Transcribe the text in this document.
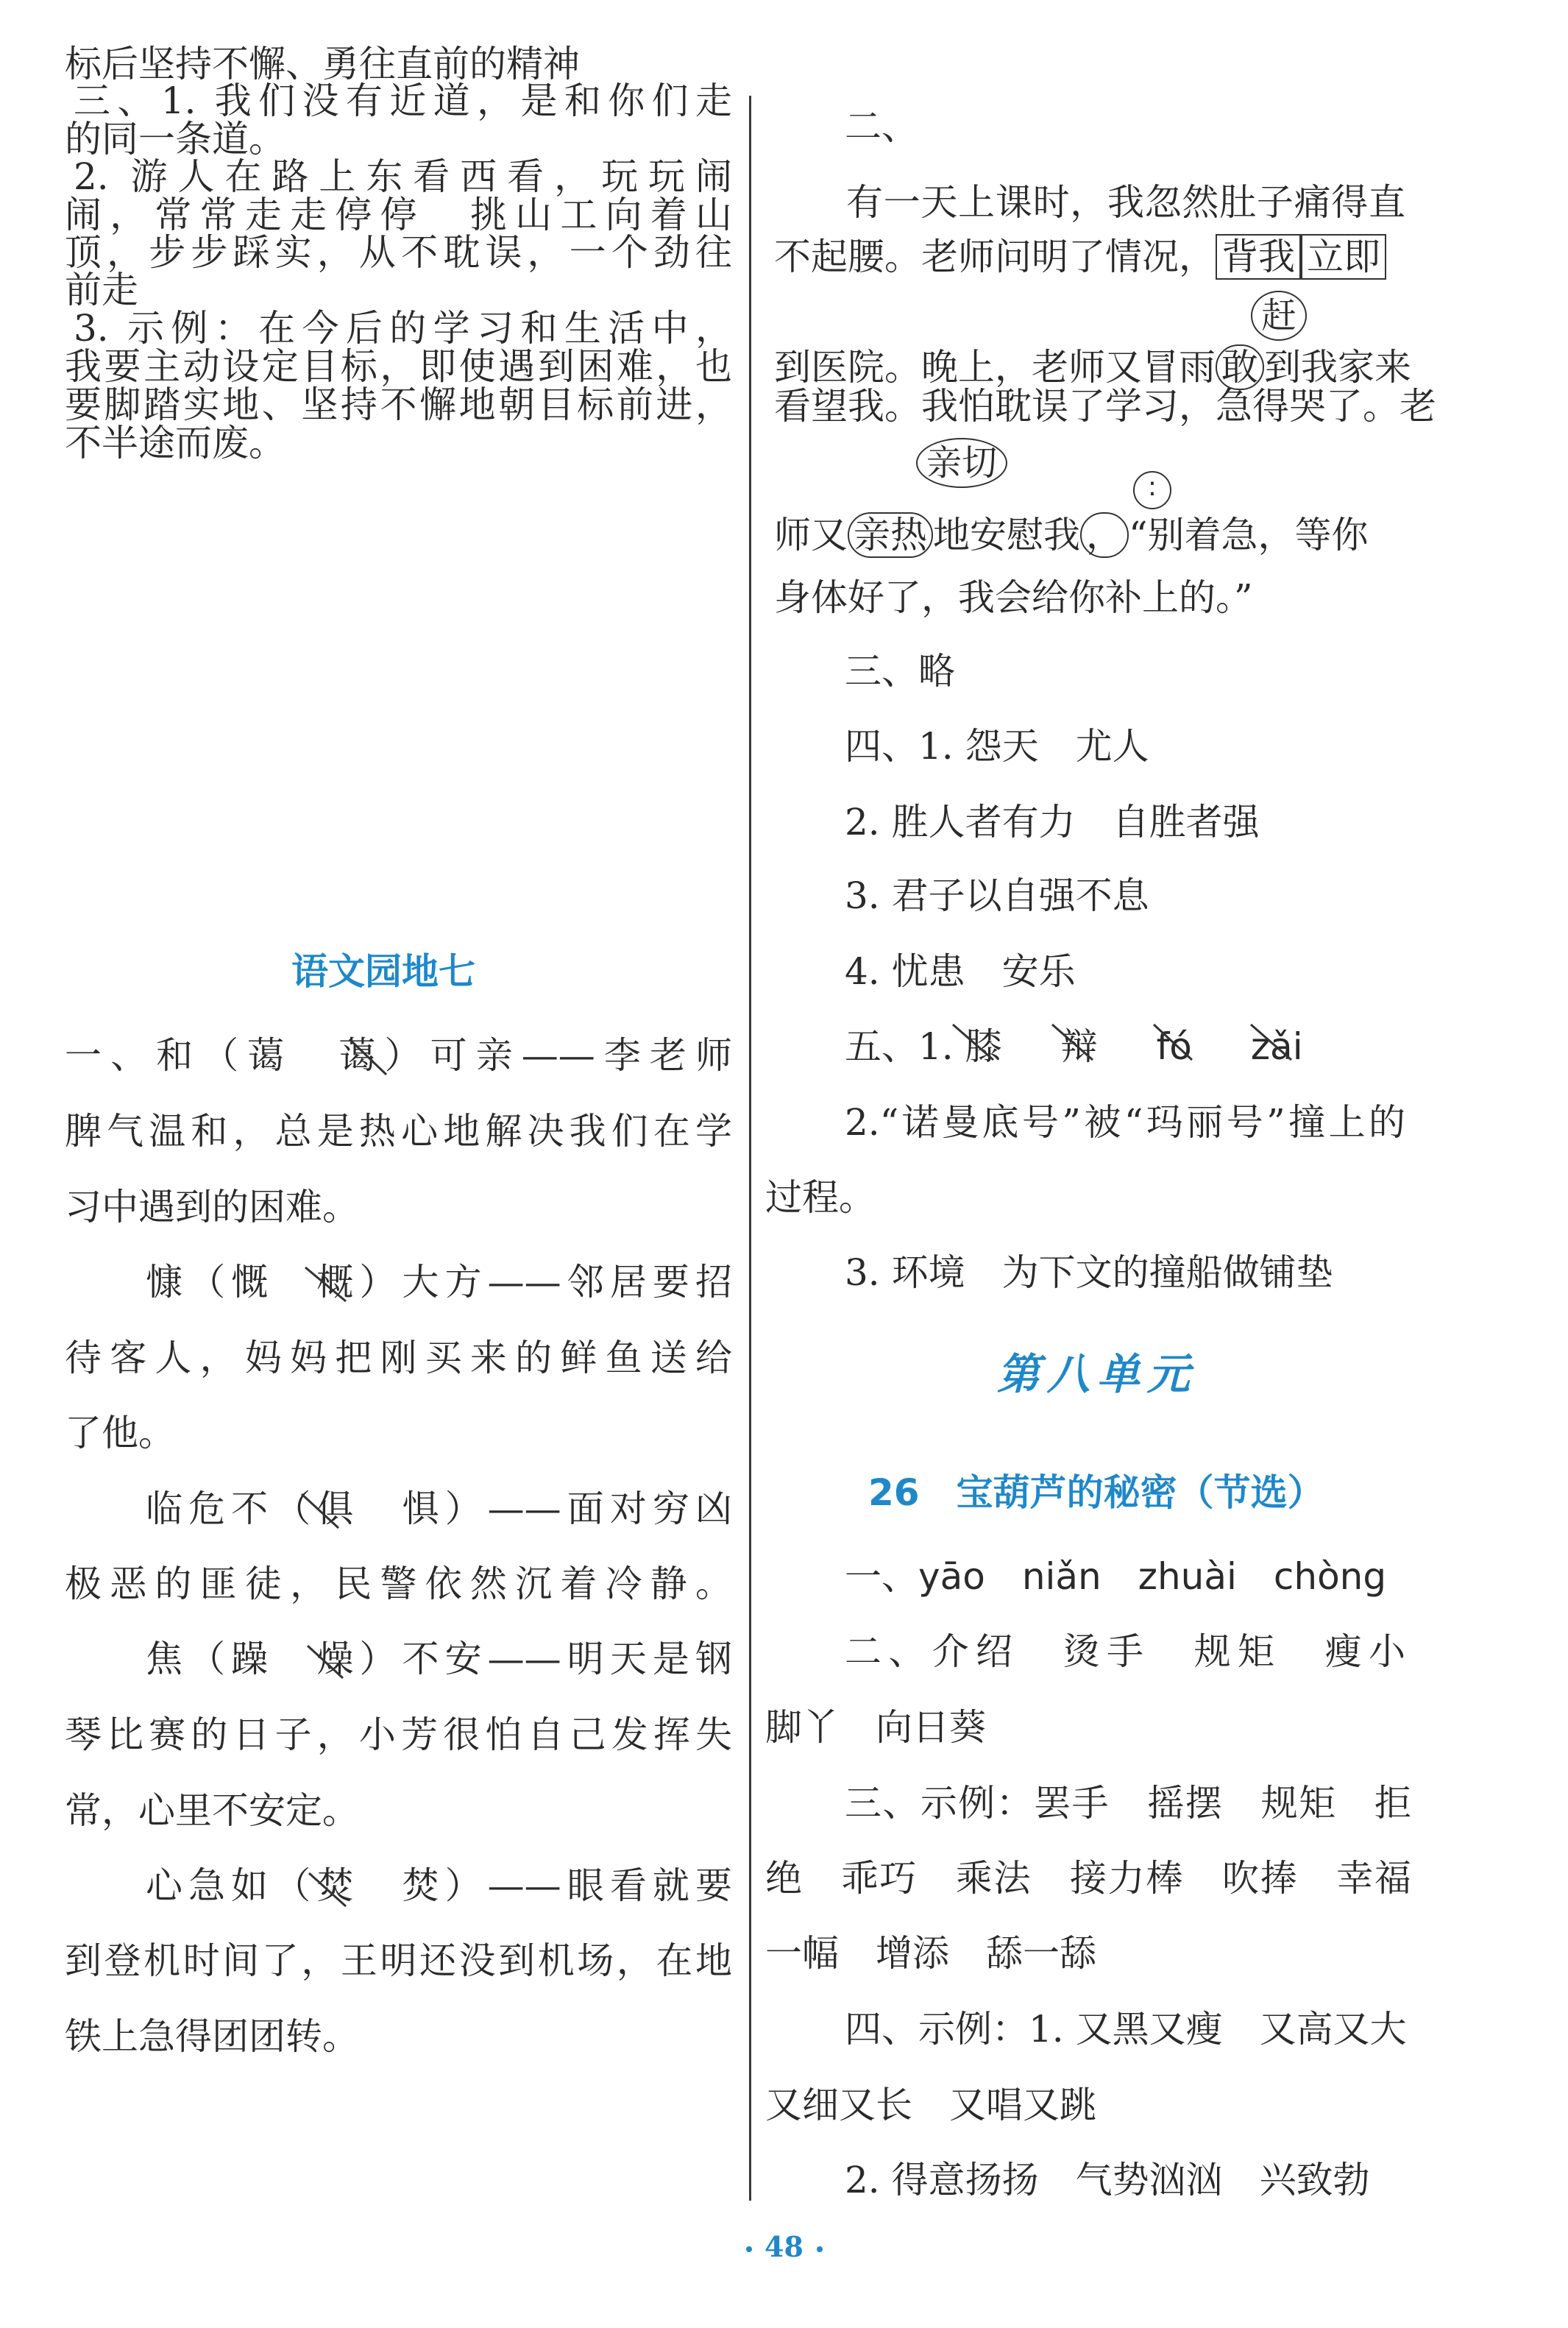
标后坚持不懈、勇往直前的精神
三、1. 我们没有近道，是和你们走
的同一条道。
2. 游人在路上东看西看，玩玩闹
闹，常常走走停停　挑山工向着山
顶，步步踩实，从不耽误，一个劲往
前走
3. 示例：在今后的学习和生活中，
我要主动设定目标，即使遇到困难，也
要脚踏实地、坚持不懈地朝目标前进，
不半途而废。
语文园地七
一、和（蔼　蔼）可亲——李老师
脾气温和，总是热心地解决我们在学
习中遇到的困难。
慷（慨　概）大方——邻居要招
待客人，妈妈把刚买来的鲜鱼送给
了他。
临危不（俱　惧）——面对穷凶
极恶的匪徒，民警依然沉着冷静。
焦（躁　燥）不安——明天是钢
琴比赛的日子，小芳很怕自己发挥失
常，心里不安定。
心急如（焚　焚）——眼看就要
到登机时间了，王明还没到机场，在地
铁上急得团团转。
二、
有一天上课时，我忽然肚子痛得直
不起腰。老师问明了情况， 背我 立即
赶
到医院。晚上，老师又冒雨 敢 到我家来
看望我。我怕耽误了学习，急得哭了。老
亲切
:
师又 亲热 地安慰我 ， “别着急，等你
身体好了，我会给你补上的。”
三、略
四、1. 怨天　尤人
2. 胜人者有力　自胜者强
3. 君子以自强不息
4. 忧患　安乐
五、1. 膝 辩 fó zǎi
2.“诺曼底号”被“玛丽号”撞上的
过程。
3. 环境　为下文的撞船做铺垫
第八单元
26　宝葫芦的秘密（节选）
一、yāo　niǎn　zhuài　chòng
二、介绍　烫手　规矩　瘦小
脚丫　向日葵
三、示例：罢手　摇摆　规矩　拒
绝　乖巧　乘法　接力棒　吹捧　幸福
一幅　增添　舔一舔
四、示例：1. 又黑又瘦　又高又大
又细又长　又唱又跳
2. 得意扬扬　气势汹汹　兴致勃
48
